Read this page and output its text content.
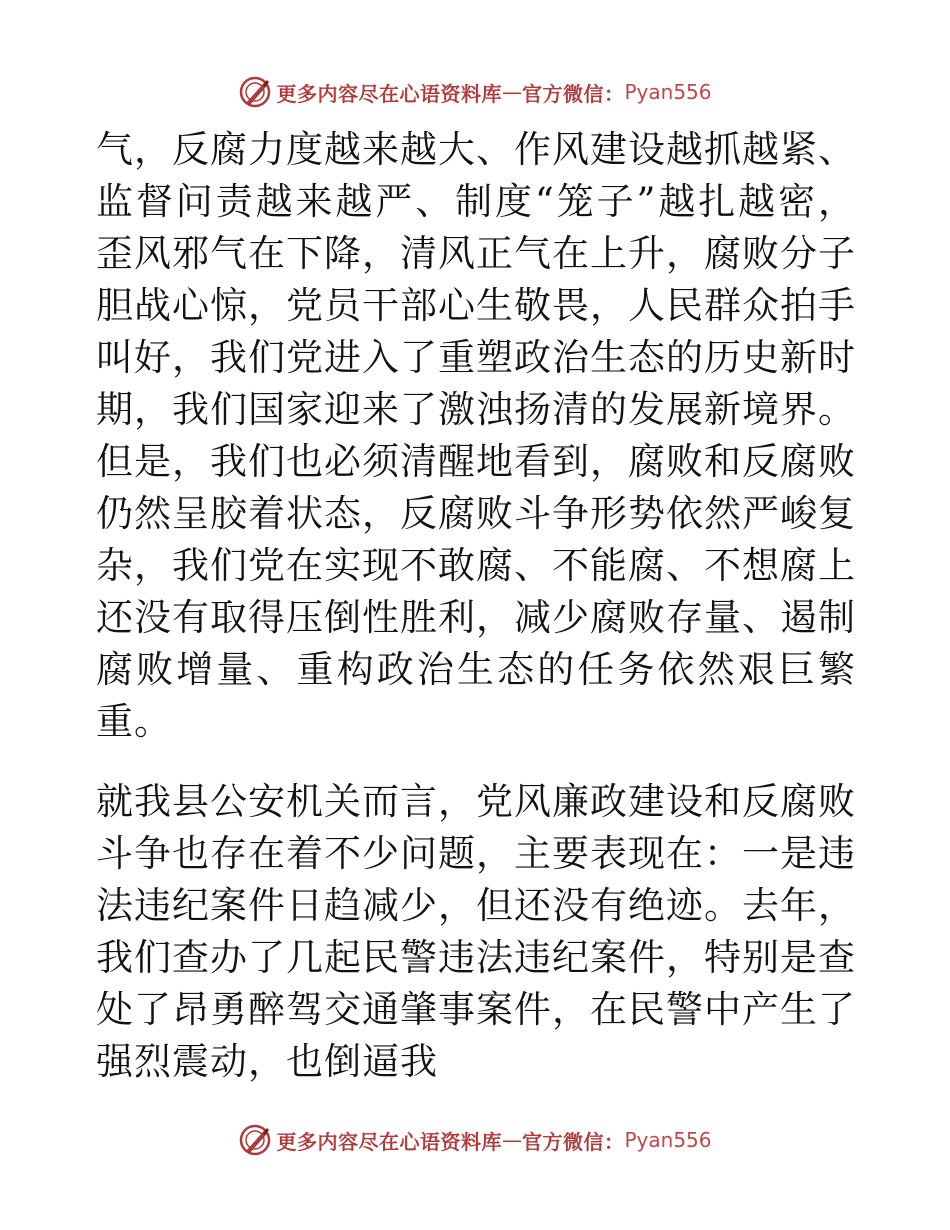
更多内容尽在心语资料库 — 官方微信： Pyan556

气，反腐力度越来越大、作风建设越抓越紧、监督问责越来越严、制度“笼子”越扎越密，歪风邪气在下降，清风正气在上升，腐败分子胆战心惊，党员干部心生敬畏，人民群众拍手叫好，我们党进入了重塑政治生态的历史新时期，我们国家迎来了激浊扬清的发展新境界。但是，我们也必须清醒地看到，腐败和反腐败仍然呈胶着状态，反腐败斗争形势依然严峻复杂，我们党在实现不敢腐、不能腐、不想腐上还没有取得压倒性胜利，减少腐败存量、遏制腐败增量、重构政治生态的任务依然艰巨繁重。

就我县公安机关而言，党风廉政建设和反腐败斗争也存在着不少问题，主要表现在：一是违法违纪案件日趋减少，但还没有绝迹。去年，我们查办了几起民警违法违纪案件，特别是查处了昂勇醉驾交通肇事案件，在民警中产生了强烈震动，也倒逼我

更多内容尽在心语资料库 — 官方微信： Pyan556
